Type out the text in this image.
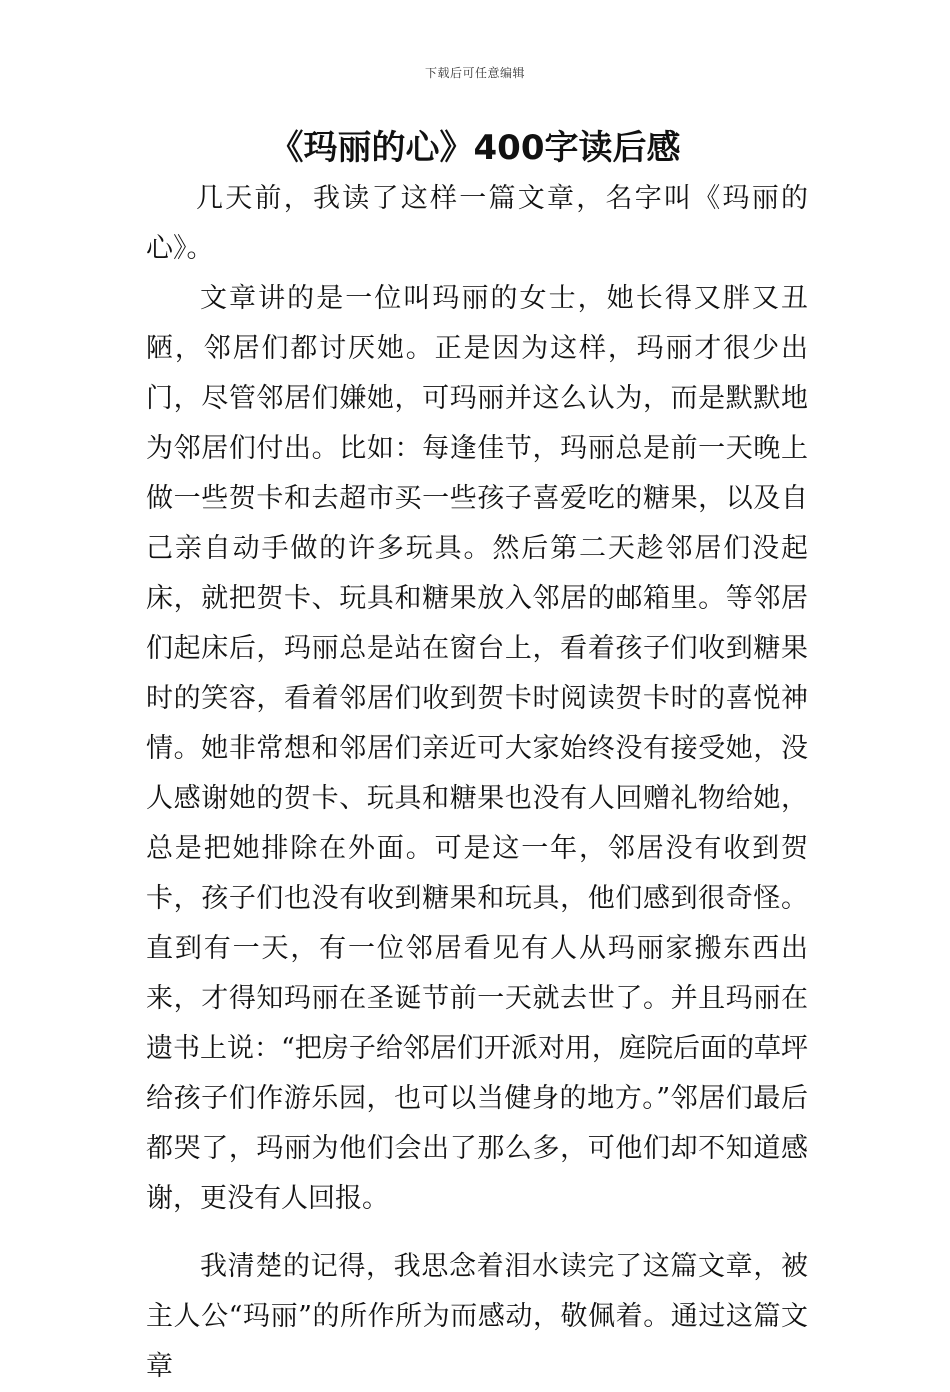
下载后可任意编辑
《玛丽的心》400字读后感

几天前，我读了这样一篇文章，名字叫《玛丽的心》。

文章讲的是一位叫玛丽的女士，她长得又胖又丑陋，邻居们都讨厌她。正是因为这样，玛丽才很少出门，尽管邻居们嫌她，可玛丽并这么认为，而是默默地为邻居们付出。比如：每逢佳节，玛丽总是前一天晚上做一些贺卡和去超市买一些孩子喜爱吃的糖果，以及自己亲自动手做的许多玩具。然后第二天趁邻居们没起床，就把贺卡、玩具和糖果放入邻居的邮箱里。等邻居们起床后，玛丽总是站在窗台上，看着孩子们收到糖果时的笑容，看着邻居们收到贺卡时阅读贺卡时的喜悦神情。她非常想和邻居们亲近可大家始终没有接受她，没人感谢她的贺卡、玩具和糖果也没有人回赠礼物给她，总是把她排除在外面。可是这一年，邻居没有收到贺卡，孩子们也没有收到糖果和玩具，他们感到很奇怪。直到有一天，有一位邻居看见有人从玛丽家搬东西出来，才得知玛丽在圣诞节前一天就去世了。并且玛丽在遗书上说：“把房子给邻居们开派对用，庭院后面的草坪给孩子们作游乐园，也可以当健身的地方。”邻居们最后都哭了，玛丽为他们会出了那么多，可他们却不知道感谢，更没有人回报。

我清楚的记得，我思念着泪水读完了这篇文章，被主人公“玛丽”的所作所为而感动，敬佩着。通过这篇文章
